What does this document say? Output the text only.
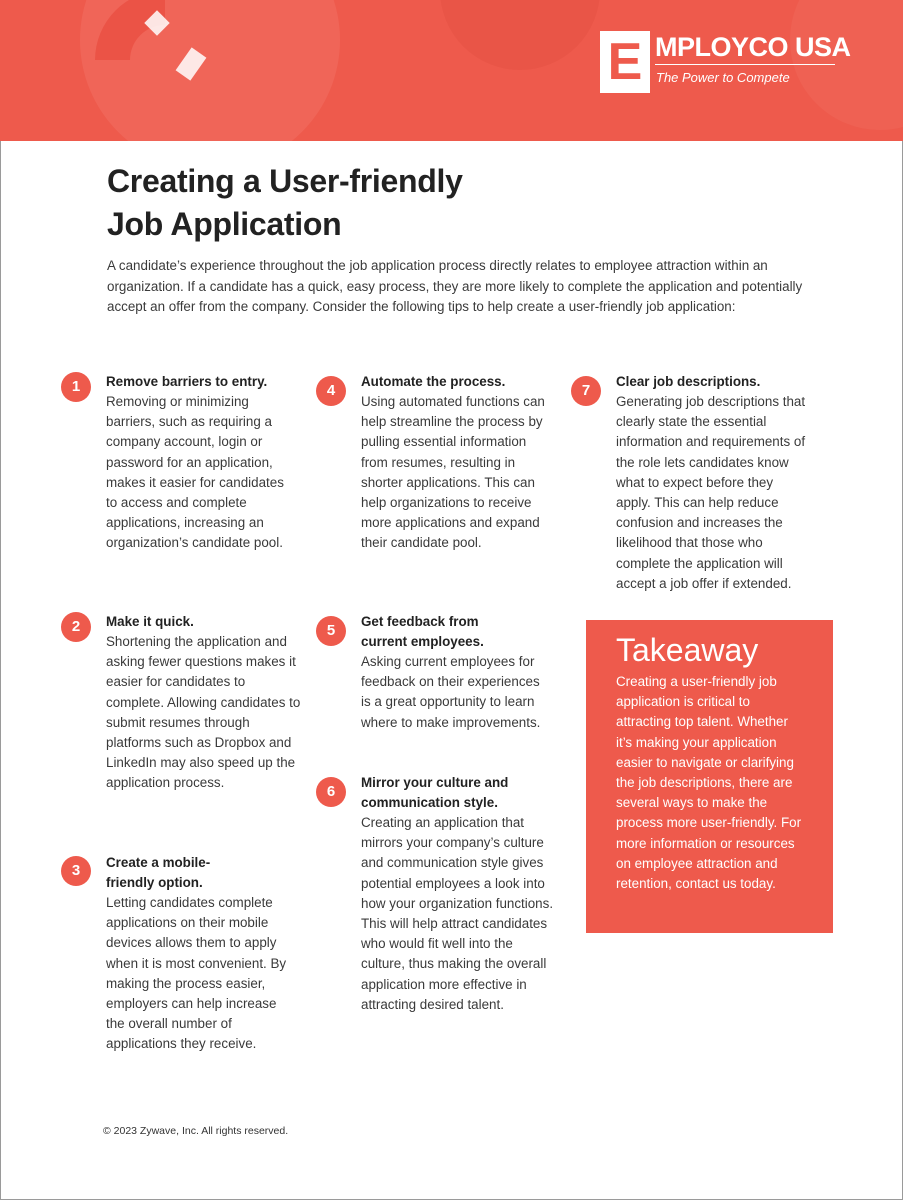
E MPLOYCO USA
The Power to Compete
Creating a User-friendly
Job Application

A candidate’s experience throughout the job application process directly relates to employee attraction within an organization. If a candidate has a quick, easy process, they are more likely to complete the application and potentially accept an offer from the company. Consider the following tips to help create a user-friendly job application:

1	Remove barriers to entry.

Removing or minimizing barriers, such as requiring a company account, login or password for an application, makes it easier for candidates to access and complete applications, increasing an organization’s candidate pool.

2	Make it quick.

Shortening the application and asking fewer questions makes it easier for candidates to complete. Allowing candidates to submit resumes through platforms such as Dropbox and LinkedIn may also speed up the application process.

3	Create a mobile-
friendly option.

Letting candidates complete applications on their mobile devices allows them to apply when it is most convenient. By making the process easier, employers can help increase the overall number of applications they receive.

4

Automate the process.

Using automated functions can help streamline the process by pulling essential information from resumes, resulting in shorter applications. This can help organizations to receive more applications and expand their candidate pool.

5

Get feedback from
current employees.

Asking current employees for feedback on their experiences is a great opportunity to learn where to make improvements.

6

Mirror your culture and
communication style.

Creating an application that mirrors your company’s culture and communication style gives potential employees a look into how your organization functions. This will help attract candidates who would fit well into the culture, thus making the overall application more effective in attracting desired talent.

7

Clear job descriptions.

Generating job descriptions that clearly state the essential information and requirements of the role lets candidates know what to expect before they apply. This can help reduce confusion and increases the likelihood that those who complete the application will accept a job offer if extended.

Takeaway

Creating a user-friendly job application is critical to attracting top talent. Whether it’s making your application easier to navigate or clarifying the job descriptions, there are several ways to make the process more user-friendly. For more information or resources on employee attraction and retention, contact us today.

© 2023 Zywave, Inc. All rights reserved.
